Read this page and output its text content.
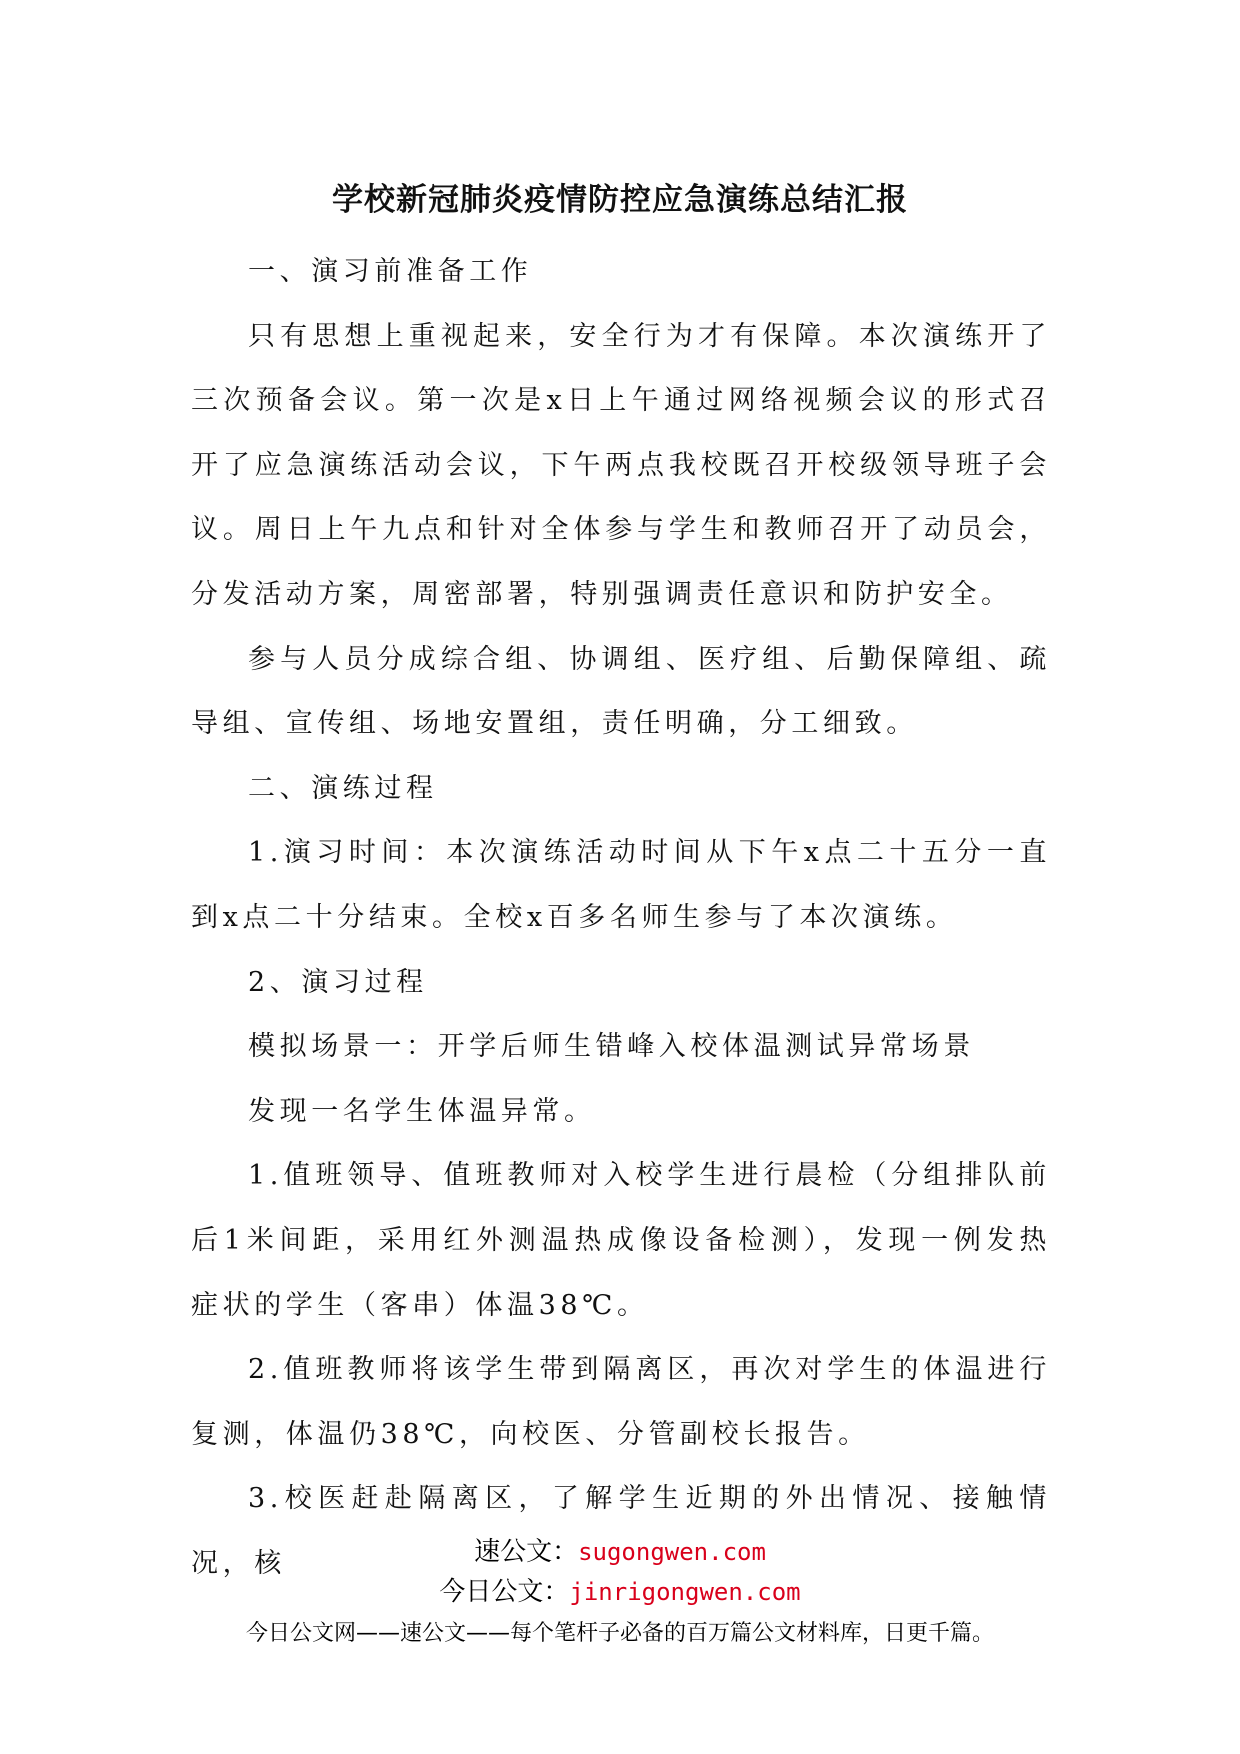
学校新冠肺炎疫情防控应急演练总结汇报

一、演习前准备工作

只有思想上重视起来，安全行为才有保障。本次演练开了三次预备会议。第一次是x日上午通过网络视频会议的形式召开了应急演练活动会议，下午两点我校既召开校级领导班子会议。周日上午九点和针对全体参与学生和教师召开了动员会，分发活动方案，周密部署，特别强调责任意识和防护安全。

参与人员分成综合组、协调组、医疗组、后勤保障组、疏导组、宣传组、场地安置组，责任明确，分工细致。

二、演练过程

1.演习时间：本次演练活动时间从下午x点二十五分一直到x点二十分结束。全校x百多名师生参与了本次演练。

2、演习过程

模拟场景一：开学后师生错峰入校体温测试异常场景

发现一名学生体温异常。

1.值班领导、值班教师对入校学生进行晨检（分组排队前后1米间距，采用红外测温热成像设备检测），发现一例发热症状的学生（客串）体温38℃。

2.值班教师将该学生带到隔离区，再次对学生的体温进行复测，体温仍38℃，向校医、分管副校长报告。

3.校医赶赴隔离区，了解学生近期的外出情况、接触情况，核	速公文：sugongwen.com
今日公文：jinrigongwen.com
今日公文网——速公文——每个笔杆子必备的百万篇公文材料库，日更千篇。
